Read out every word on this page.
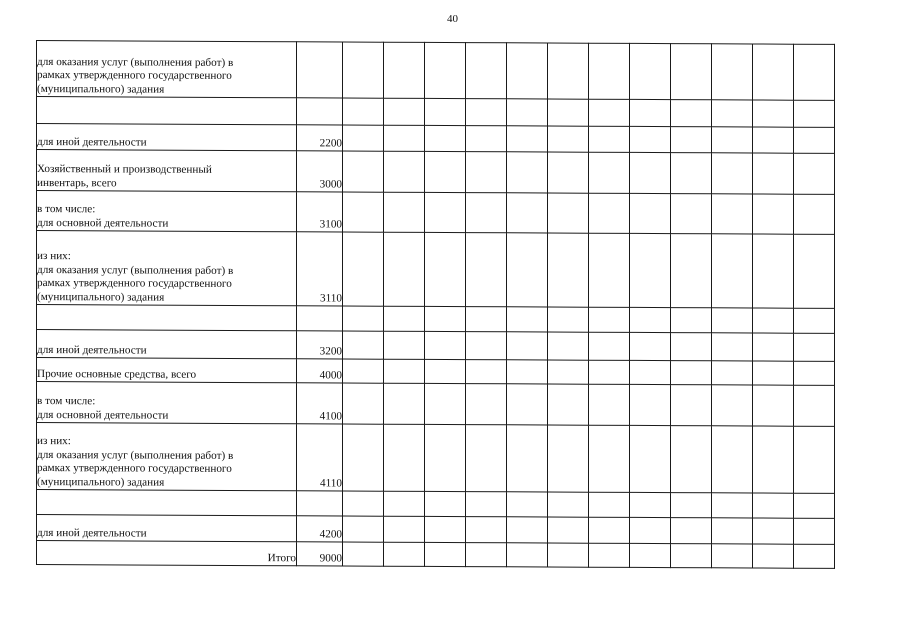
40
для оказания услуг (выполнения работ) в
рамках утвержденного государственного
(муниципального) задания													

для иной деятельности	2200												

Хозяйственный и производственный
инвентарь, всего	3000												

в том числе:
для основной деятельности	3100												

из них:
для оказания услуг (выполнения работ) в
рамках утвержденного государственного
(муниципального) задания	3110												

для иной деятельности	3200												

Прочие основные средства, всего	4000												

в том числе:
для основной деятельности	4100												

из них:
для оказания услуг (выполнения работ) в
рамках утвержденного государственного
(муниципального) задания	4110												

для иной деятельности	4200												
Итого	9000												
